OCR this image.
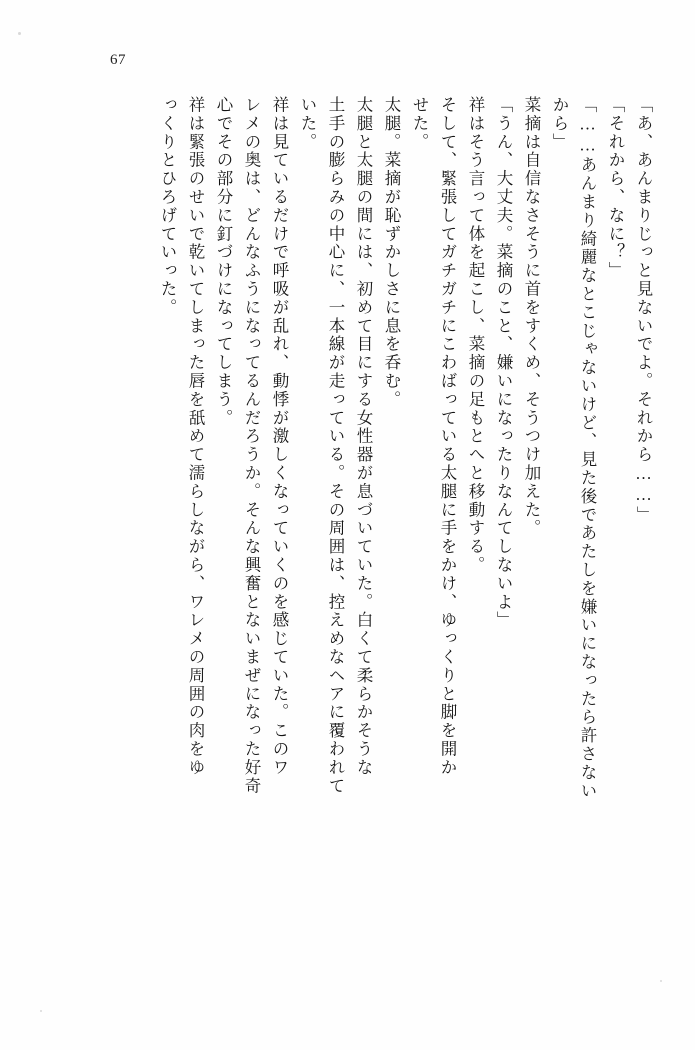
67
「あ、あんまりじっと見ないでよ。それから……」
「それから、なに？」
「……あんまり綺麗なとこじゃないけど、見た後であたしを嫌いになったら許さない
から」
菜摘は自信なさそうに首をすくめ、そうつけ加えた。
「うん、大丈夫。菜摘のこと、嫌いになったりなんてしないよ」
祥はそう言って体を起こし、菜摘の足もとへと移動する。
そして、緊張してガチガチにこわばっている太腿に手をかけ、ゆっくりと脚を開か
せた。
太腿。菜摘が恥ずかしさに息を呑む。
太腿と太腿の間には、初めて目にする女性器が息づいていた。白くて柔らかそうな
土手の膨らみの中心に、一本線が走っている。その周囲は、控えめなヘアに覆われて
いた。
祥は見ているだけで呼吸が乱れ、動悸が激しくなっていくのを感じていた。このワ
レメの奥は、どんなふうになってるんだろうか。そんな興奮とないまぜになった好奇
心でその部分に釘づけになってしまう。
祥は緊張のせいで乾いてしまった唇を舐めて濡らしながら、ワレメの周囲の肉をゆ
っくりとひろげていった。
